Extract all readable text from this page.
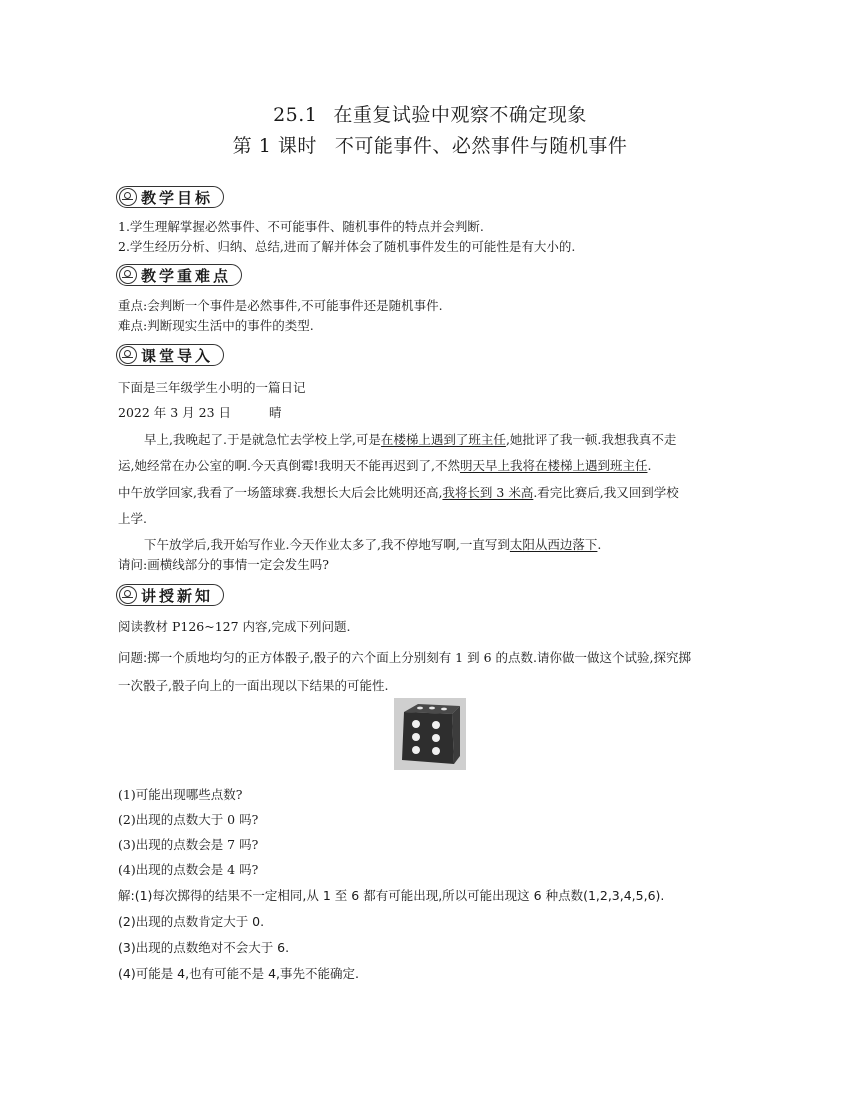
25.1 在重复试验中观察不确定现象
第 1 课时 不可能事件、必然事件与随机事件
教学目标
1.学生理解掌握必然事件、不可能事件、随机事件的特点并会判断.
2.学生经历分析、归纳、总结,进而了解并体会了随机事件发生的可能性是有大小的.
教学重难点
重点:会判断一个事件是必然事件,不可能事件还是随机事件.
难点:判断现实生活中的事件的类型.
课堂导入
下面是三年级学生小明的一篇日记
2022 年 3 月 23 日	晴
早上,我晚起了.于是就急忙去学校上学,可是在楼梯上遇到了班主任,她批评了我一顿.我想我真不走
运,她经常在办公室的啊.今天真倒霉!我明天不能再迟到了,不然明天早上我将在楼梯上遇到班主任.
中午放学回家,我看了一场篮球赛.我想长大后会比姚明还高,我将长到 3 米高.看完比赛后,我又回到学校
上学.
下午放学后,我开始写作业.今天作业太多了,我不停地写啊,一直写到太阳从西边落下.
请问:画横线部分的事情一定会发生吗?
讲授新知
阅读教材 P126~127 内容,完成下列问题.
问题:掷一个质地均匀的正方体骰子,骰子的六个面上分别刻有 1 到 6 的点数.请你做一做这个试验,探究掷
一次骰子,骰子向上的一面出现以下结果的可能性.
(1)可能出现哪些点数?
(2)出现的点数大于 0 吗?
(3)出现的点数会是 7 吗?
(4)出现的点数会是 4 吗?
解:(1)每次掷得的结果不一定相同,从 1 至 6 都有可能出现,所以可能出现这 6 种点数(1,2,3,4,5,6).
(2)出现的点数肯定大于 0.
(3)出现的点数绝对不会大于 6.
(4)可能是 4,也有可能不是 4,事先不能确定.
